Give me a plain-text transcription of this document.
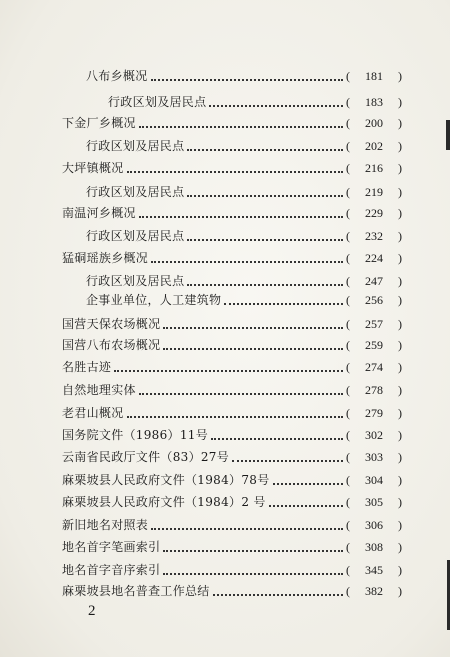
八布乡概况	(	181	)
行政区划及居民点	(	183	)
下金厂乡概况	(	200	)
行政区划及居民点	(	202	)
大坪镇概况	(	216	)
行政区划及居民点	(	219	)
南温河乡概况	(	229	)
行政区划及居民点	(	232	)
猛硐瑶族乡概况	(	224	)
行政区划及居民点	(	247	)
企事业单位，人工建筑物	(	256	)
国营天保农场概况	(	257	)
国营八布农场概况	(	259	)
名胜古迹	(	274	)
自然地理实体	(	278	)
老君山概况	(	279	)
国务院文件（1986）11号	(	302	)
云南省民政厅文件（83）27号	(	303	)
麻栗坡县人民政府文件（1984）78号	(	304	)
麻栗坡县人民政府文件（1984）2 号	(	305	)
新旧地名对照表	(	306	)
地名首字笔画索引	(	308	)
地名首字音序索引	(	345	)
麻栗坡县地名普查工作总结	(	382	)
2
